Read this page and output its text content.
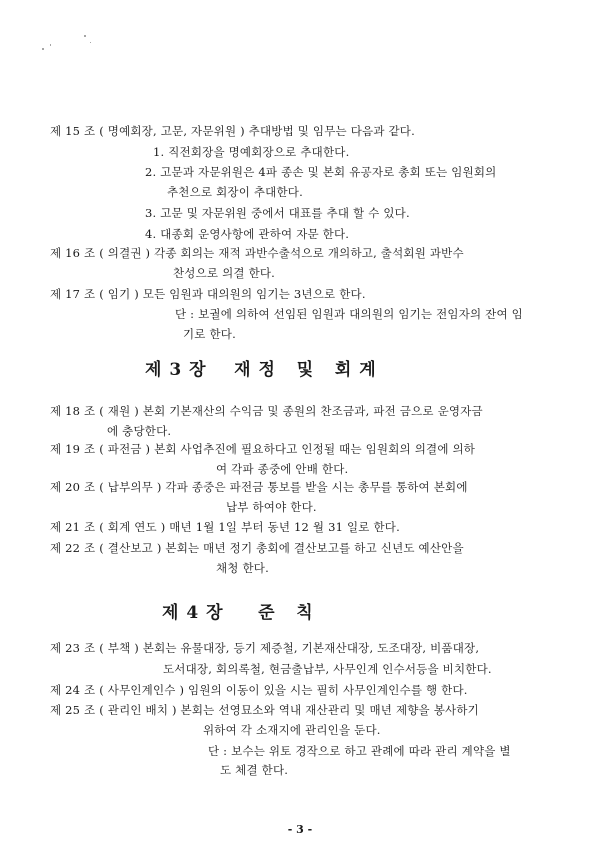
제 15 조 ( 명예회장, 고문, 자문위원 ) 추대방법 및 임무는 다음과 같다.
1. 직전회장을 명예회장으로 추대한다.
2. 고문과 자문위원은 4파 종손 및 본회 유공자로 총회 또는 임원회의
추천으로 회장이 추대한다.
3. 고문 및 자문위원 중에서 대표를 추대 할 수 있다.
4. 대종회 운영사항에 관하여 자문 한다.
제 16 조 ( 의결권 ) 각종 회의는 재적 과반수출석으로 개의하고, 출석회원 과반수
찬성으로 의결 한다.
제 17 조 ( 임기 ) 모든 임원과 대의원의 임기는 3년으로 한다.
단 : 보궐에 의하여 선임된 임원과 대의원의 임기는 전임자의 잔여 임
기로 한다.
제 3 장    재 정   및   회 계
제 18 조 ( 재원 ) 본회 기본재산의 수익금 및 종원의 찬조금과, 파전 금으로 운영자금
에 충당한다.
제 19 조 ( 파전금 ) 본회 사업추진에 필요하다고 인정될 때는 임원회의 의결에 의하
여 각파 종중에 안배 한다.
제 20 조 ( 납부의무 ) 각파 종중은 파전금 통보를 받을 시는 총무를 통하여 본회에
납부 하여야 한다.
제 21 조 ( 회계 연도 ) 매년 1월 1일 부터 동년 12 월 31 일로 한다.
제 22 조 ( 결산보고 ) 본회는 매년 정기 총회에 결산보고를 하고 신년도 예산안을
채청 한다.
제 4 장     준   칙
제 23 조 ( 부책 ) 본회는 유물대장, 등기 제증철, 기본재산대장, 도조대장, 비품대장,
도서대장, 회의록철, 현금출납부, 사무인계 인수서등을 비치한다.
제 24 조 ( 사무인계인수 ) 임원의 이동이 있을 시는 필히 사무인계인수를 행 한다.
제 25 조 ( 관리인 배치 ) 본회는 선영묘소와 역내 재산관리 및 매년 제향을 봉사하기
위하여 각 소재지에 관리인을 둔다.
단 : 보수는 위토 경작으로 하고 관례에 따라 관리 계약을 별
도 체결 한다.
- 3 -
